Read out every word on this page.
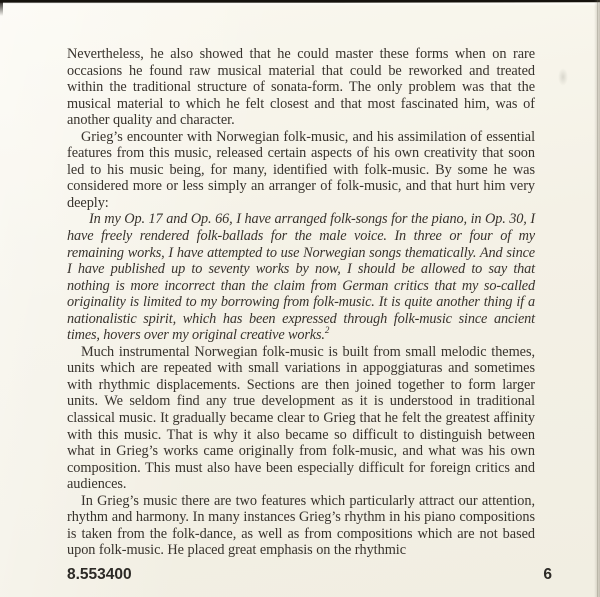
Nevertheless, he also showed that he could master these forms when on rare occasions he found raw musical material that could be reworked and treated within the traditional structure of sonata-form. The only problem was that the musical material to which he felt closest and that most fascinated him, was of another quality and character.

Grieg’s encounter with Norwegian folk-music, and his assimilation of essential features from this music, released certain aspects of his own creativity that soon led to his music being, for many, identified with folk-music. By some he was considered more or less simply an arranger of folk-music, and that hurt him very deeply:

In my Op. 17 and Op. 66, I have arranged folk-songs for the piano, in Op. 30, I have freely rendered folk-ballads for the male voice. In three or four of my remaining works, I have attempted to use Norwegian songs thematically. And since I have published up to seventy works by now, I should be allowed to say that nothing is more incorrect than the claim from German critics that my so-called originality is limited to my borrowing from folk-music. It is quite another thing if a nationalistic spirit, which has been expressed through folk-music since ancient times, hovers over my original creative works.$^2$

Much instrumental Norwegian folk-music is built from small melodic themes, units which are repeated with small variations in appoggiaturas and sometimes with rhythmic displacements. Sections are then joined together to form larger units. We seldom find any true development as it is understood in traditional classical music. It gradually became clear to Grieg that he felt the greatest affinity with this music. That is why it also became so difficult to distinguish between what in Grieg’s works came originally from folk-music, and what was his own composition. This must also have been especially difficult for foreign critics and audiences.

In Grieg’s music there are two features which particularly attract our attention, rhythm and harmony. In many instances Grieg’s rhythm in his piano compositions is taken from the folk-dance, as well as from compositions which are not based upon folk-music. He placed great emphasis on the rhythmic

8.553400	6
